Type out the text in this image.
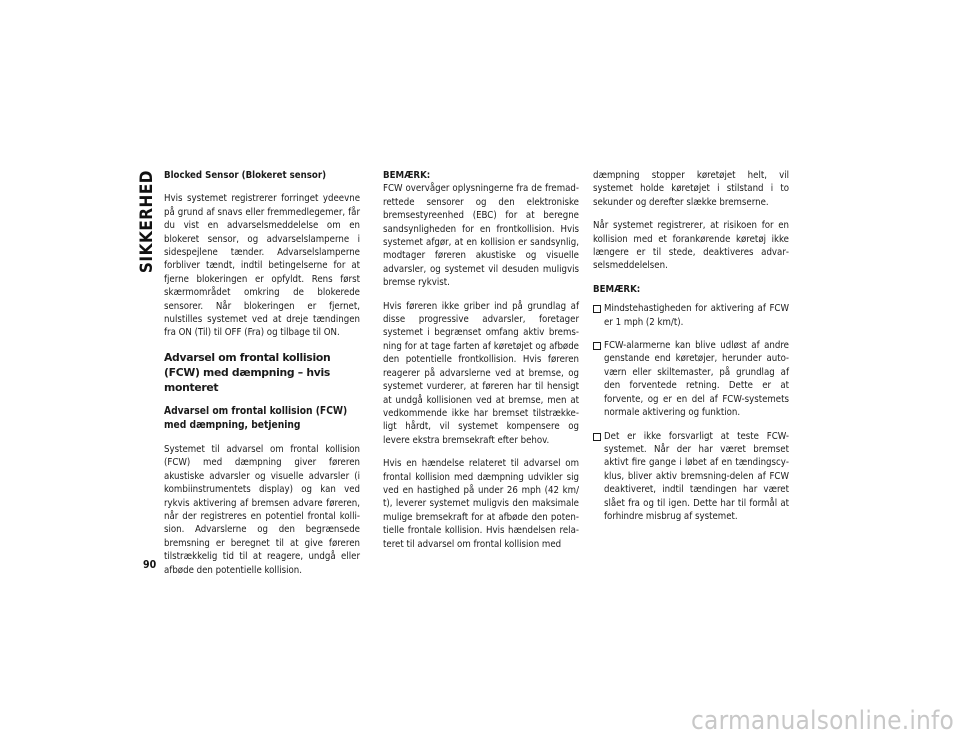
SIKKERHED
90
Blocked Sensor (Blokeret sensor)

Hvis systemet registrerer forringet ydeevne på grund af snavs eller fremmedlegemer, får du vist en advarselsmeddelelse om en blokeret sensor, og advarselslamperne i sidespejlene tænder. Advarselslamperne forbliver tændt, indtil betingelserne for at fjerne blokeringen er opfyldt. Rens først skærmområdet omkring de blokerede sensorer. Når blokeringen er fjernet, nulstilles systemet ved at dreje tændingen fra ON (Til) til OFF (Fra) og tilbage til ON.

Advarsel om frontal kollision (FCW) med dæmpning – hvis monteret
Advarsel om frontal kollision (FCW) med dæmpning, betjening

Systemet til advarsel om frontal kollision (FCW) med dæmpning giver føreren akustiske advarsler og visuelle advarsler (i kombiinstrumentets display) og kan ved rykvis aktivering af bremsen advare føreren, når der registreres en potentiel frontal kollision. Advarslerne og den begrænsede bremsning er beregnet til at give føreren tilstrækkelig tid til at reagere, undgå eller afbøde den potentielle kollision.

BEMÆRK:

FCW overvåger oplysningerne fra de fremadrettede sensorer og den elektroniske bremsestyreenhed (EBC) for at beregne sandsynligheden for en frontkollision. Hvis systemet afgør, at en kollision er sandsynlig, modtager føreren akustiske og visuelle advarsler, og systemet vil desuden muligvis bremse rykvist.

Hvis føreren ikke griber ind på grundlag af disse progressive advarsler, foretager systemet i begrænset omfang aktiv bremsning for at tage farten af køretøjet og afbøde den potentielle frontkollision. Hvis føreren reagerer på advarslerne ved at bremse, og systemet vurderer, at føreren har til hensigt at undgå kollisionen ved at bremse, men at vedkommende ikke har bremset tilstrækkeligt hårdt, vil systemet kompensere og levere ekstra bremsekraft efter behov.

Hvis en hændelse relateret til advarsel om frontal kollision med dæmpning udvikler sig ved en hastighed på under 26 mph (42 km/ t), leverer systemet muligvis den maksimale mulige bremsekraft for at afbøde den potentielle frontale kollision. Hvis hændelsen relateret til advarsel om frontal kollision med

dæmpning stopper køretøjet helt, vil systemet holde køretøjet i stilstand i to sekunder og derefter slække bremserne.

Når systemet registrerer, at risikoen for en kollision med et forankørende køretøj ikke længere er til stede, deaktiveres advarselsmeddelelsen.

BEMÆRK:
Mindstehastigheden for aktivering af FCW er 1 mph (2 km/t).
FCW-alarmerne kan blive udløst af andre genstande end køretøjer, herunder autoværn eller skiltemaster, på grundlag af den forventede retning. Dette er at forvente, og er en del af FCW-systemets normale aktivering og funktion.
Det er ikke forsvarligt at teste FCW-systemet. Når der har været bremset aktivt fire gange i løbet af en tændingscyklus, bliver aktiv bremsning-delen af FCW deaktiveret, indtil tændingen har været slået fra og til igen. Dette har til formål at forhindre misbrug af systemet.
carmanualsonline.info
